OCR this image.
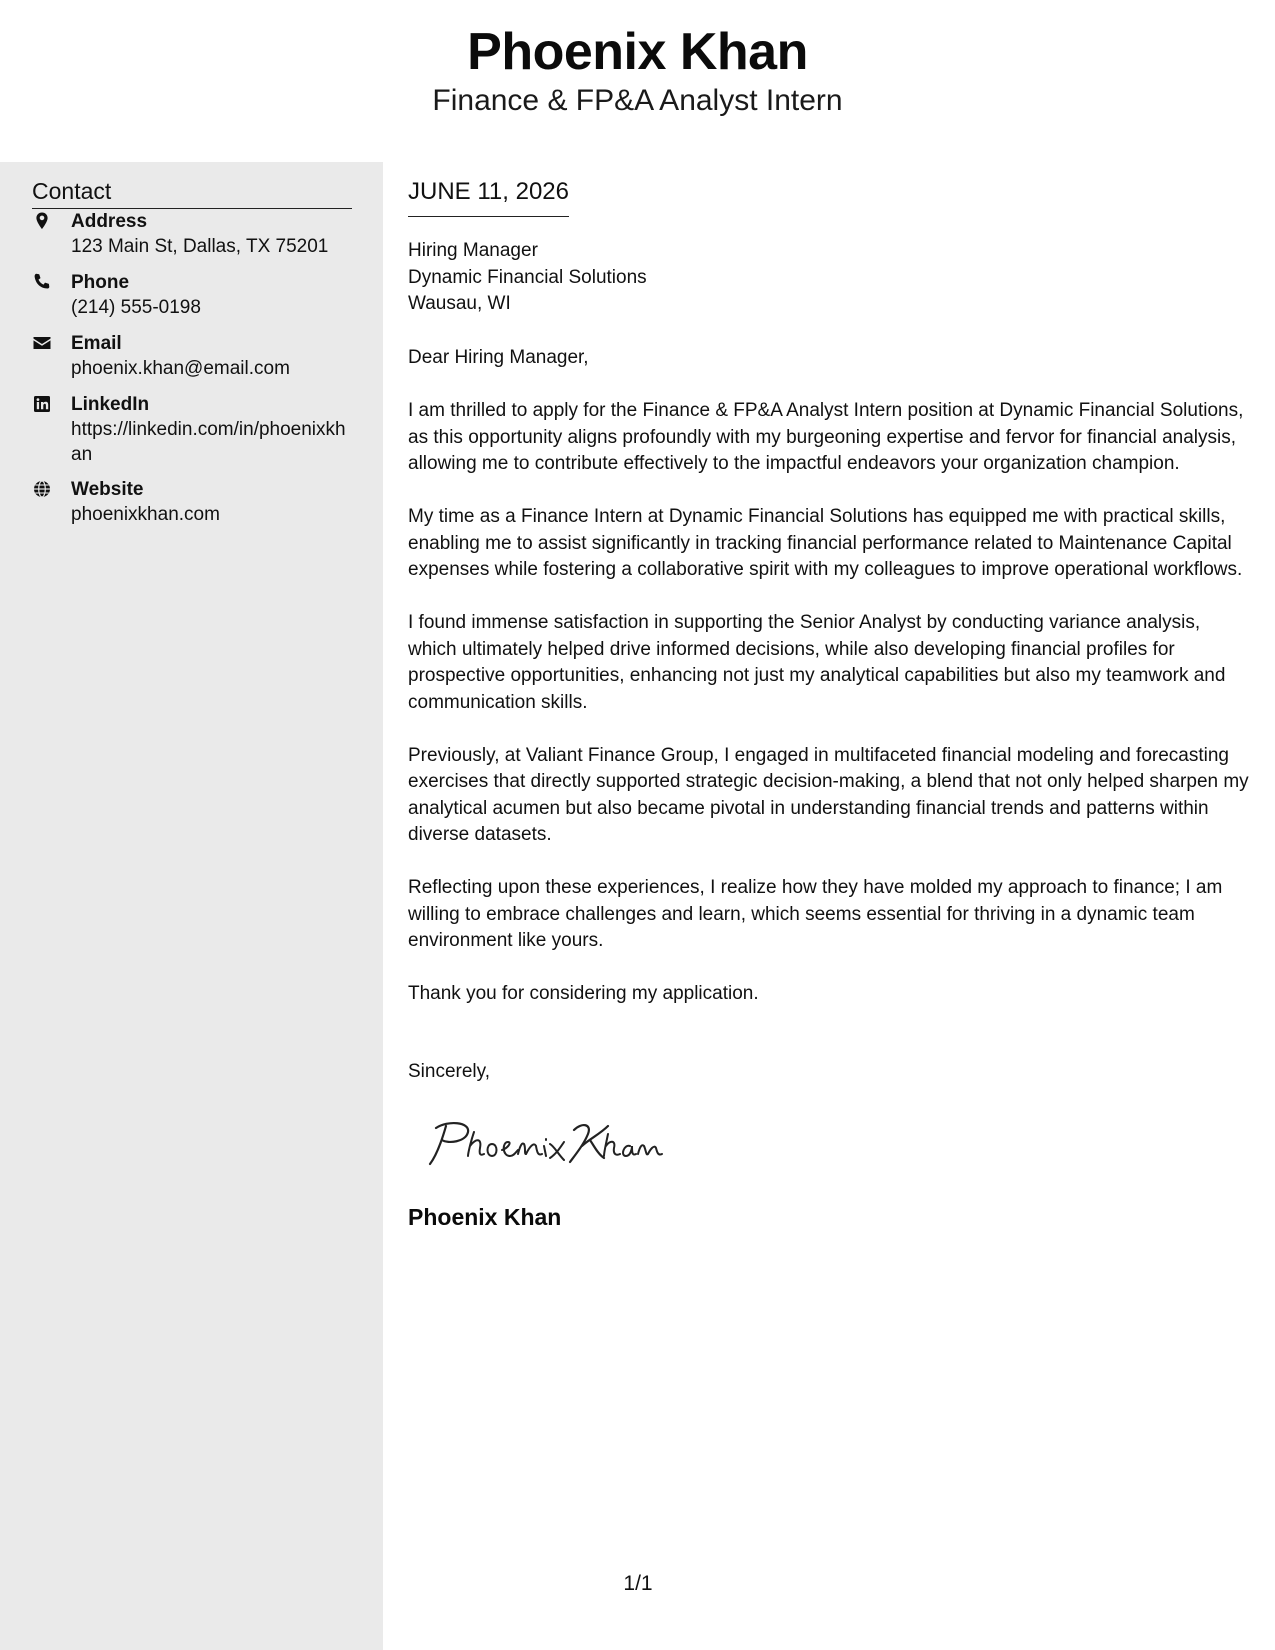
Phoenix Khan
Finance & FP&A Analyst Intern
Contact
Address
123 Main St, Dallas, TX 75201
Phone
(214) 555-0198
Email
phoenix.khan@email.com
LinkedIn
https://linkedin.com/in/phoenixkhan
Website
phoenixkhan.com
JUNE 11, 2026
Hiring Manager
Dynamic Financial Solutions
Wausau, WI

Dear Hiring Manager,

I am thrilled to apply for the Finance & FP&A Analyst Intern position at Dynamic Financial Solutions, as this opportunity aligns profoundly with my burgeoning expertise and fervor for financial analysis, allowing me to contribute effectively to the impactful endeavors your organization champion.

My time as a Finance Intern at Dynamic Financial Solutions has equipped me with practical skills, enabling me to assist significantly in tracking financial performance related to Maintenance Capital expenses while fostering a collaborative spirit with my colleagues to improve operational workflows.

I found immense satisfaction in supporting the Senior Analyst by conducting variance analysis, which ultimately helped drive informed decisions, while also developing financial profiles for prospective opportunities, enhancing not just my analytical capabilities but also my teamwork and communication skills.

Previously, at Valiant Finance Group, I engaged in multifaceted financial modeling and forecasting exercises that directly supported strategic decision-making, a blend that not only helped sharpen my analytical acumen but also became pivotal in understanding financial trends and patterns within diverse datasets.

Reflecting upon these experiences, I realize how they have molded my approach to finance; I am willing to embrace challenges and learn, which seems essential for thriving in a dynamic team environment like yours.

Thank you for considering my application.

Sincerely,
Phoenix Khan
1/1
